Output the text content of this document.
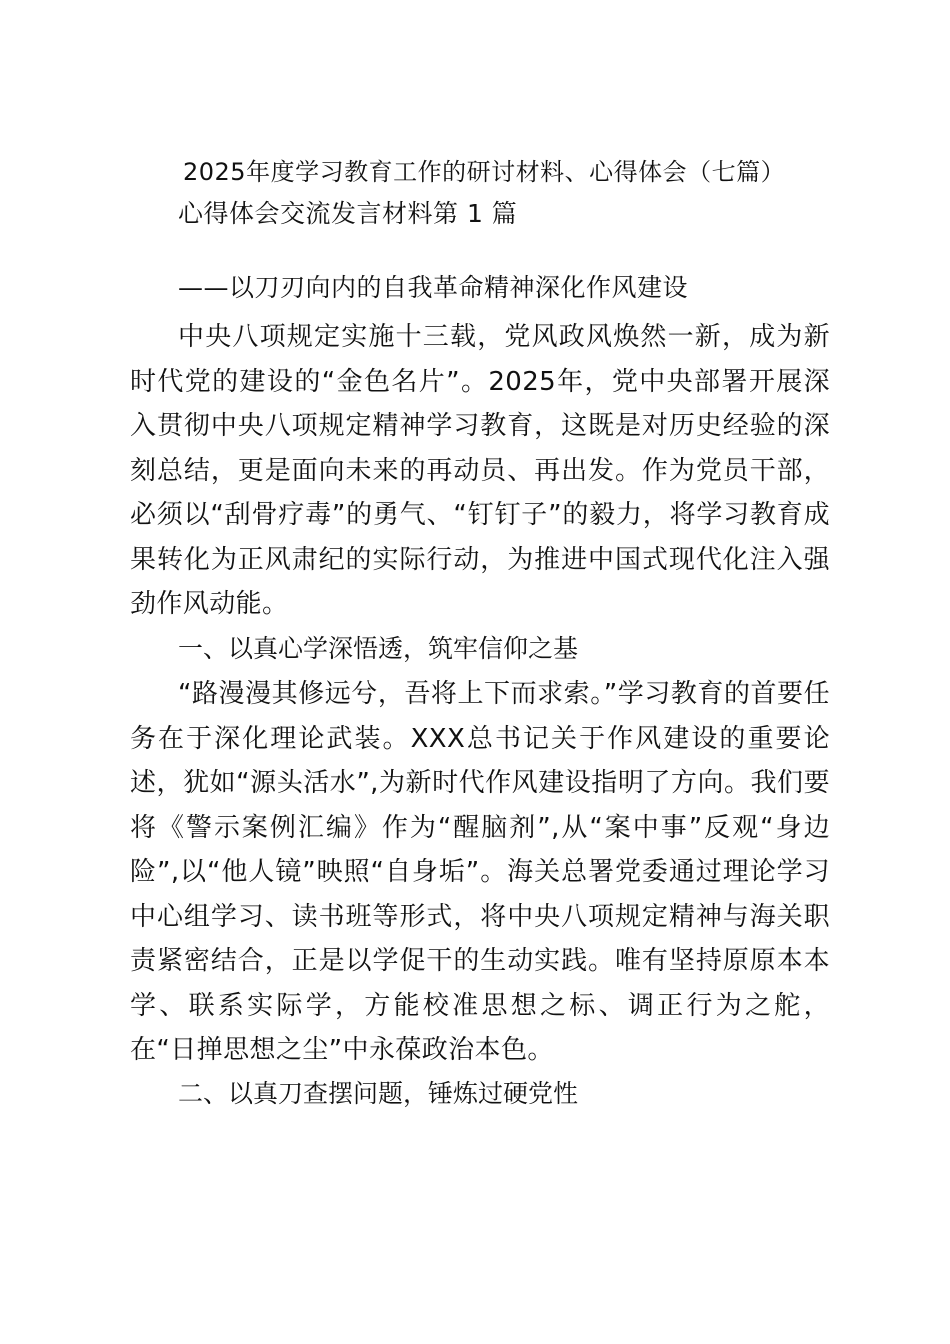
2025年度学习教育工作的研讨材料、心得体会（七篇）
心得体会交流发言材料第 1 篇
——以刀刃向内的自我革命精神深化作风建设
中央八项规定实施十三载，党风政风焕然一新，成为新时代党的建设的“金色名片”。2025年，党中央部署开展深入贯彻中央八项规定精神学习教育，这既是对历史经验的深刻总结，更是面向未来的再动员、再出发。作为党员干部，必须以“刮骨疗毒”的勇气、“钉钉子”的毅力，将学习教育成果转化为正风肃纪的实际行动，为推进中国式现代化注入强劲作风动能。
一、以真心学深悟透，筑牢信仰之基
“路漫漫其修远兮，吾将上下而求索。”学习教育的首要任务在于深化理论武装。XXX总书记关于作风建设的重要论述，犹如“源头活水”,为新时代作风建设指明了方向。我们要将《警示案例汇编》作为“醒脑剂”,从“案中事”反观“身边险”,以“他人镜”映照“自身垢”。海关总署党委通过理论学习中心组学习、读书班等形式，将中央八项规定精神与海关职责紧密结合，正是以学促干的生动实践。唯有坚持原原本本学、联系实际学，方能校准思想之标、调正行为之舵，在“日掸思想之尘”中永葆政治本色。
二、以真刀查摆问题，锤炼过硬党性
